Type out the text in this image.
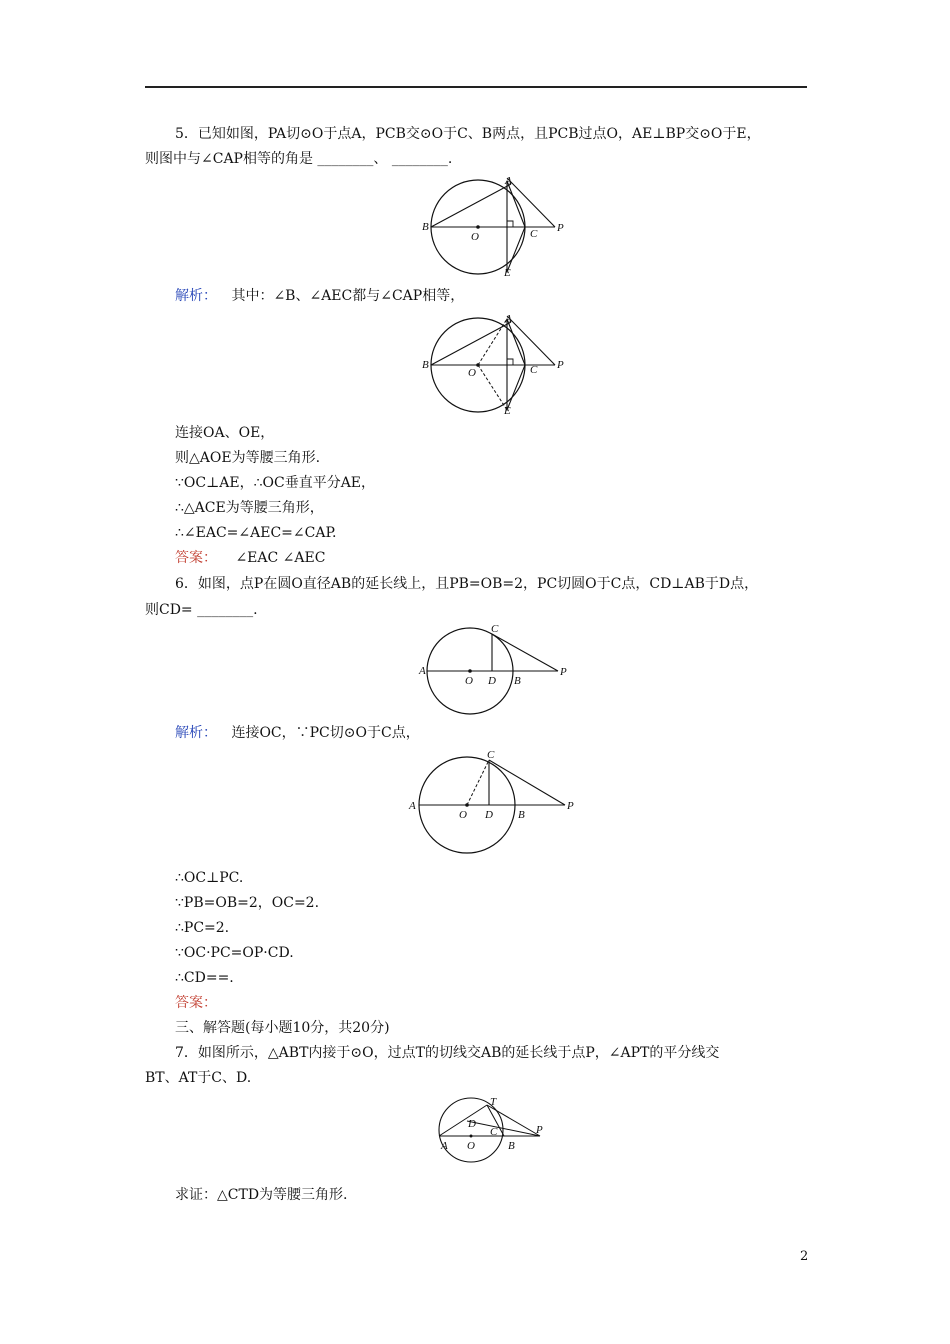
5．已知如图，PA切⊙O于点A，PCB交⊙O于C、B两点，且PCB过点O，AE⊥BP交⊙O于E，
则图中与∠CAP相等的角是 ________、 ________.
A
B
O	C P
E
解析： 其中：∠B、∠AEC都与∠CAP相等，
A
B
O	C P
E
连接OA、OE，
则△AOE为等腰三角形.
∵OC⊥AE，∴OC垂直平分AE，
∴△ACE为等腰三角形，
∴∠EAC=∠AEC=∠CAP.
答案： ∠EAC ∠AEC
6．如图，点P在圆O直径AB的延长线上，且PB=OB=2，PC切圆O于C点，CD⊥AB于D点，
则CD= ________.
C
A
O D B
P
解析： 连接OC，∵PC切⊙O于C点，
C
A
O D B
P
∴OC⊥PC.
∵PB=OB=2，OC=2.
∴PC=2.
∵OC·PC=OP·CD.
∴CD==.
答案：
三、解答题(每小题10分，共20分)
7．如图所示，△ABT内接于⊙O，过点T的切线交AB的延长线于点P，∠APT的平分线交
BT、AT于C、D.
T
D
C
A O	B
P
求证：△CTD为等腰三角形.
2
